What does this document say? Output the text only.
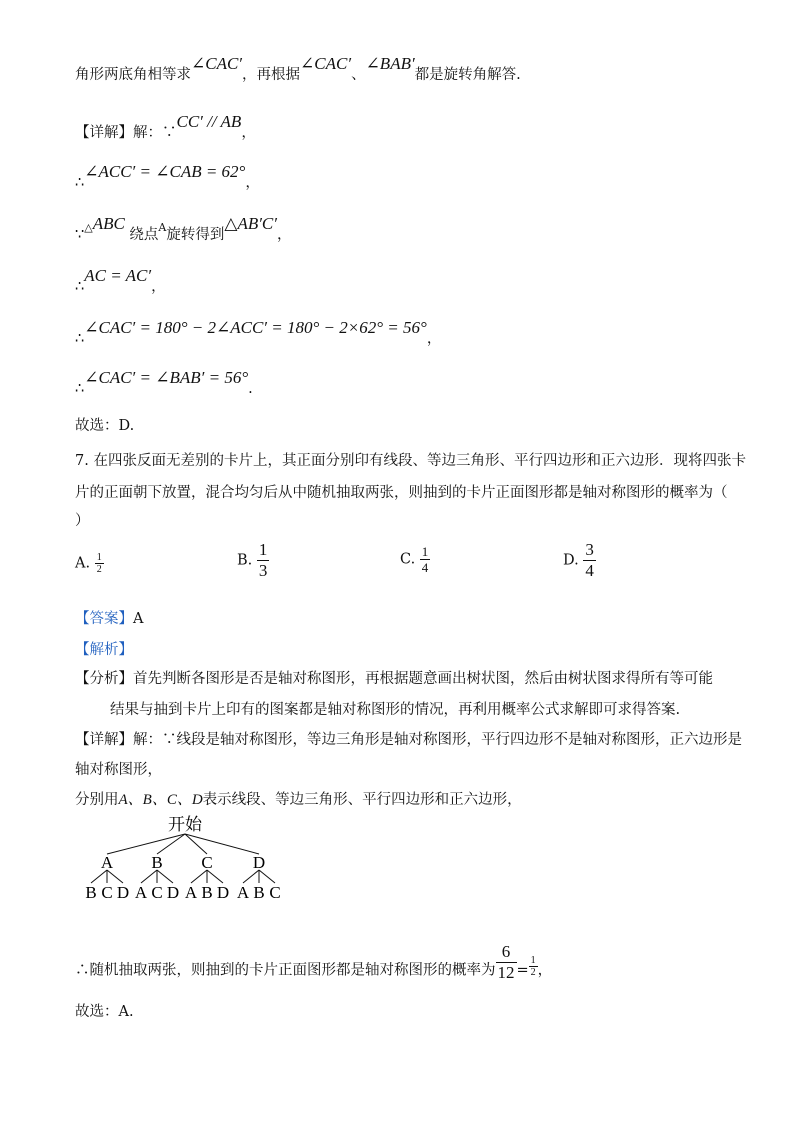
角形两底角相等求∠CAC′，再根据∠CAC′、∠BAB′都是旋转角解答.
【详解】解：∵CC′ // AB，
∴∠ACC′ = ∠CAB = 62°，
∵△ABC 绕点$^A$旋转得到△AB′C′，
∴AC = AC′，
∴∠CAC′ = 180° − 2∠ACC′ = 180° − 2×62° = 56°，
∴∠CAC′ = ∠BAB′ = 56°.
故选：D.
7. 在四张反面无差别的卡片上，其正面分别印有线段、等边三角形、平行四边形和正六边形．现将四张卡
片的正面朝下放置，混合均匀后从中随机抽取两张，则抽到的卡片正面图形都是轴对称图形的概率为（
）
A. $\frac{1}{2}$	B. $\frac{1}{3}$	C. $\frac{1}{4}$	D. $\frac{3}{4}$
【答案】A
【解析】
【分析】首先判断各图形是否是轴对称图形，再根据题意画出树状图，然后由树状图求得所有等可能
结果与抽到卡片上印有的图案都是轴对称图形的情况，再利用概率公式求解即可求得答案.
【详解】解：∵线段是轴对称图形，等边三角形是轴对称图形，平行四边形不是轴对称图形，正六边形是
轴对称图形，
分别用A、B、C、D表示线段、等边三角形、平行四边形和正六边形，
开始
A B C D
B C D A C D A B D A B C
∴随机抽取两张，则抽到的卡片正面图形都是轴对称图形的概率为 $\frac{6}{12} = \frac{1}{2}$ ，
故选：A.
